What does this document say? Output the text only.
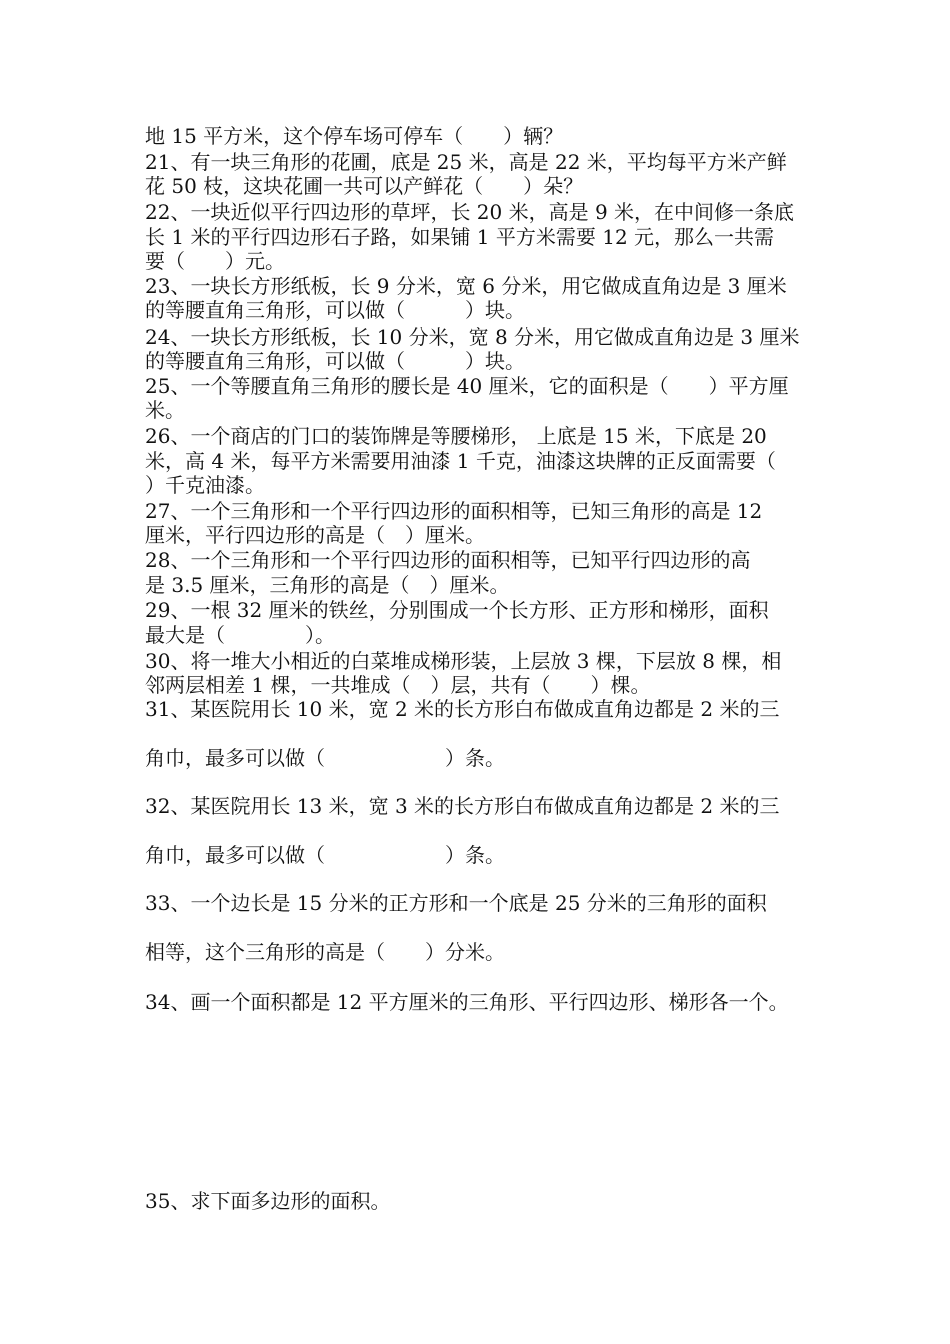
地 15 平方米，这个停车场可停车（　　）辆？
21、有一块三角形的花圃，底是 25 米，高是 22 米，平均每平方米产鲜
花 50 枝，这块花圃一共可以产鲜花（　　）朵？
22、一块近似平行四边形的草坪，长 20 米，高是 9 米，在中间修一条底
长 1 米的平行四边形石子路，如果铺 1 平方米需要 12 元，那么一共需
要（　　）元。
23、一块长方形纸板，长 9 分米，宽 6 分米，用它做成直角边是 3 厘米
的等腰直角三角形，可以做（　　　）块。
24、一块长方形纸板，长 10 分米，宽 8 分米，用它做成直角边是 3 厘米
的等腰直角三角形，可以做（　　　）块。
25、一个等腰直角三角形的腰长是 40 厘米，它的面积是（　　）平方厘
米。
26、一个商店的门口的装饰牌是等腰梯形， 上底是 15 米，下底是 20
米，高 4 米，每平方米需要用油漆 1 千克，油漆这块牌的正反面需要（
）千克油漆。
27、一个三角形和一个平行四边形的面积相等，已知三角形的高是 12
厘米，平行四边形的高是（　）厘米。
28、一个三角形和一个平行四边形的面积相等，已知平行四边形的高
是 3.5 厘米，三角形的高是（　）厘米。
29、一根 32 厘米的铁丝，分别围成一个长方形、正方形和梯形，面积
最大是（　　　　）。
30、将一堆大小相近的白菜堆成梯形装，上层放 3 棵，下层放 8 棵，相
邻两层相差 1 棵，一共堆成（　）层，共有（　　）棵。
31、某医院用长 10 米，宽 2 米的长方形白布做成直角边都是 2 米的三
角巾，最多可以做（　　　　　　）条。
32、某医院用长 13 米，宽 3 米的长方形白布做成直角边都是 2 米的三
角巾，最多可以做（　　　　　　）条。
33、一个边长是 15 分米的正方形和一个底是 25 分米的三角形的面积
相等，这个三角形的高是（　　）分米。
34、画一个面积都是 12 平方厘米的三角形、平行四边形、梯形各一个。
35、求下面多边形的面积。
